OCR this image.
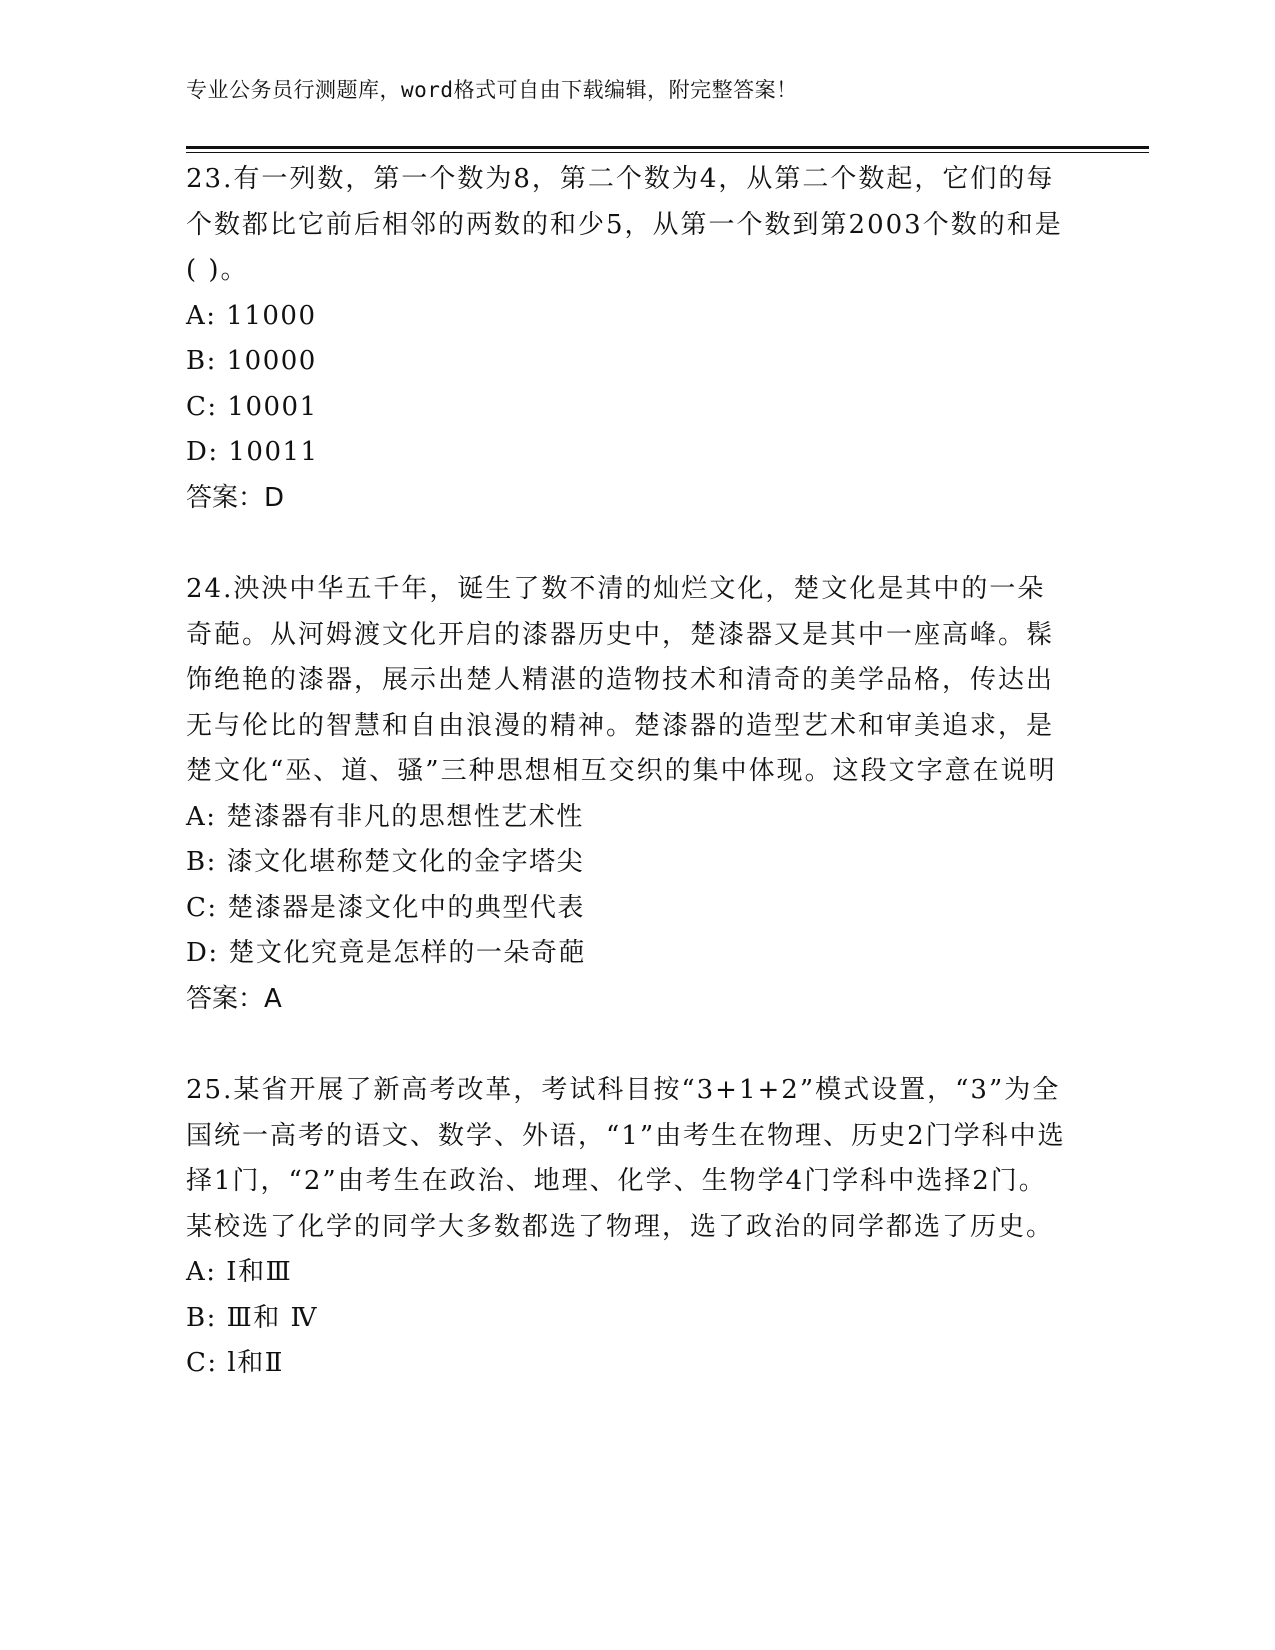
专业公务员行测题库，word格式可自由下载编辑，附完整答案！

23.有一列数，第一个数为8，第二个数为4，从第二个数起，它们的每个数都比它前后相邻的两数的和少5，从第一个数到第2003个数的和是( )。

A: 11000

B: 10000

C: 10001

D: 10011

答案：D

24.泱泱中华五千年，诞生了数不清的灿烂文化，楚文化是其中的一朵奇葩。从河姆渡文化开启的漆器历史中，楚漆器又是其中一座高峰。髹饰绝艳的漆器，展示出楚人精湛的造物技术和清奇的美学品格，传达出无与伦比的智慧和自由浪漫的精神。楚漆器的造型艺术和审美追求，是楚文化“巫、道、骚”三种思想相互交织的集中体现。这段文字意在说明

A: 楚漆器有非凡的思想性艺术性

B: 漆文化堪称楚文化的金字塔尖

C: 楚漆器是漆文化中的典型代表

D: 楚文化究竟是怎样的一朵奇葩

答案：A

25.某省开展了新高考改革，考试科目按“3+1+2”模式设置，“3”为全国统一高考的语文、数学、外语，“1”由考生在物理、历史2门学科中选择1门，“2”由考生在政治、地理、化学、生物学4门学科中选择2门。某校选了化学的同学大多数都选了物理，选了政治的同学都选了历史。

A: Ⅰ和Ⅲ

B: Ⅲ和 Ⅳ

C: l和Ⅱ
